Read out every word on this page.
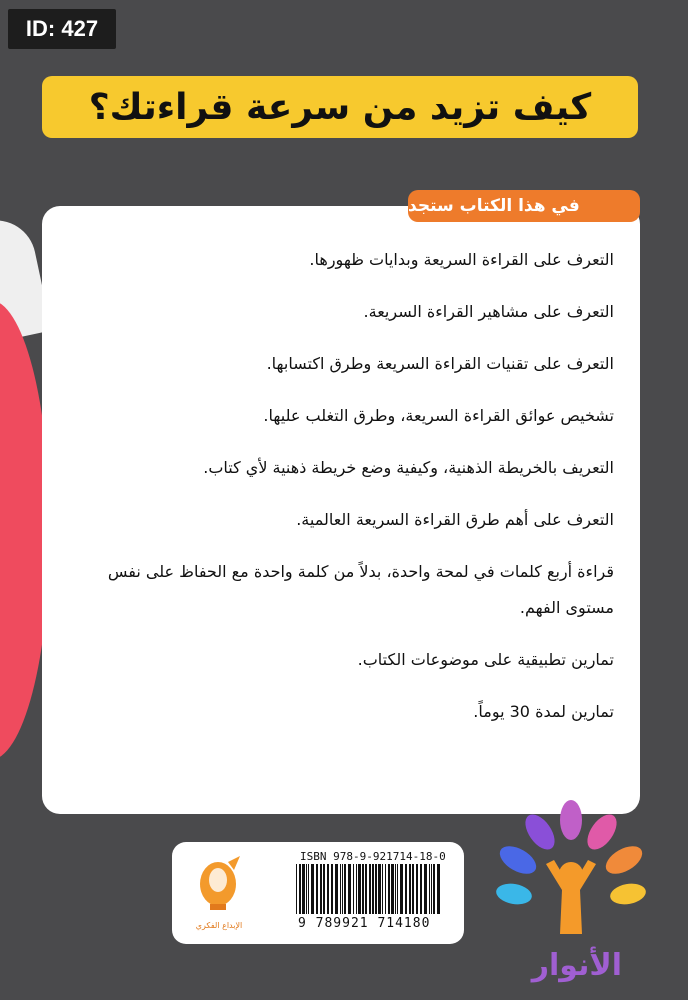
ID: 427
كيف تزيد من سرعة قراءتك؟
التعرف على القراءة السريعة وبدايات ظهورها.
التعرف على مشاهير القراءة السريعة.
التعرف على تقنيات القراءة السريعة وطرق اكتسابها.
تشخيص عوائق القراءة السريعة، وطرق التغلب عليها.
التعريف بالخريطة الذهنية، وكيفية وضع خريطة ذهنية لأي كتاب.
التعرف على أهم طرق القراءة السريعة العالمية.
قراءة أربع كلمات في لمحة واحدة، بدلاً من كلمة واحدة مع الحفاظ على نفس مستوى الفهم.
تمارين تطبيقية على موضوعات الكتاب.
تمارين لمدة 30 يوماً.
في هذا الكتاب ستجد
الإبداع الفكري
ISBN 978-9-921714-18-0
9 789921 714180
الأنوار
